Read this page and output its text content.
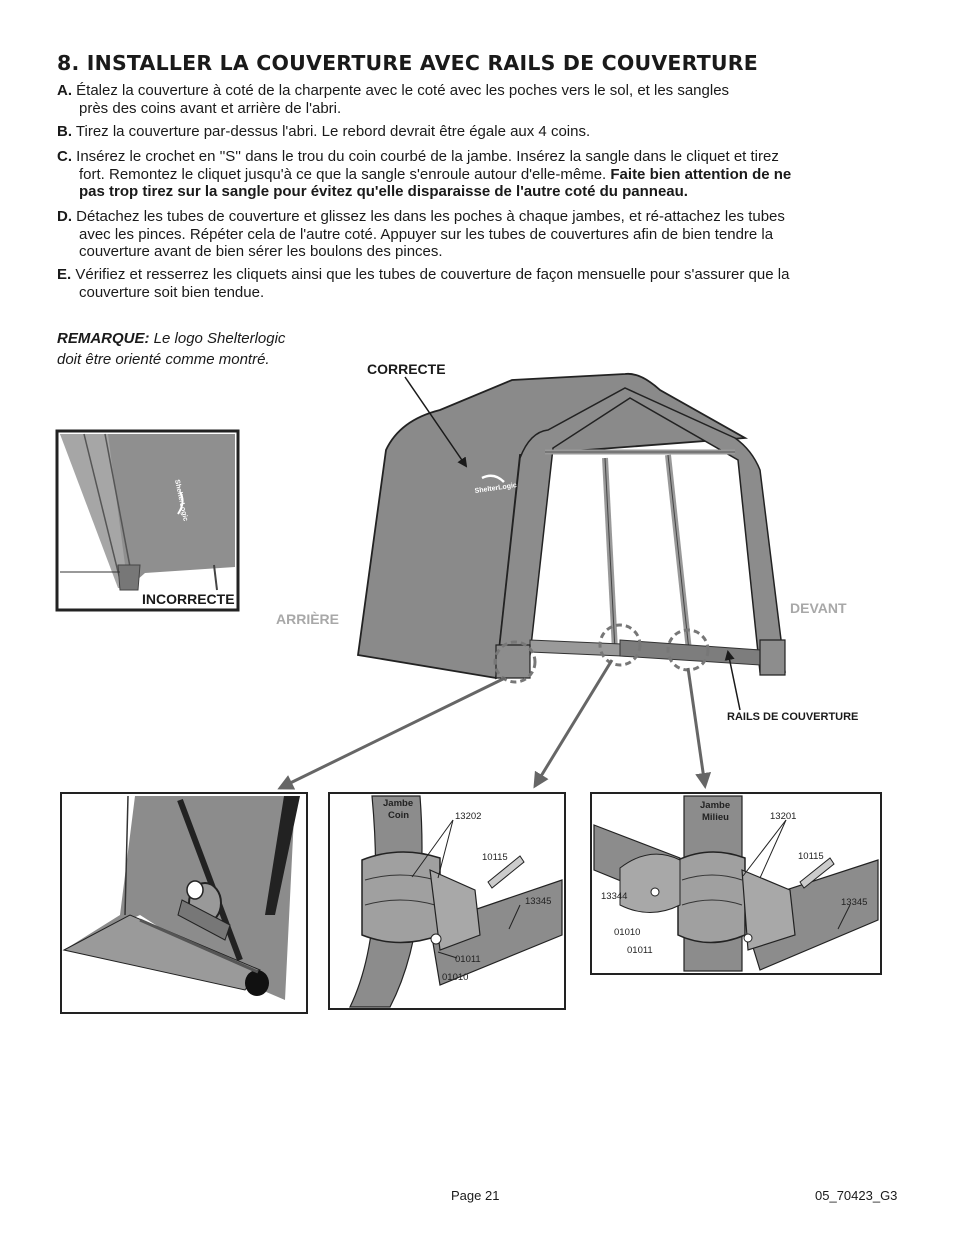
8. INSTALLER LA COUVERTURE AVEC RAILS DE COUVERTURE
A. Étalez la couverture à coté de la charpente avec le coté avec les poches vers le sol, et les sangles
près des coins avant et arrière de l'abri.
B. Tirez la couverture par-dessus l'abri. Le rebord devrait être égale aux 4 coins.
C. Insérez le crochet en ''S'' dans le trou du coin courbé de la jambe. Insérez la sangle dans le cliquet et tirez
fort. Remontez le cliquet jusqu'à ce que la sangle s'enroule autour d'elle-même. Faite bien attention de ne
pas trop tirez sur la sangle pour évitez qu'elle disparaisse de l'autre coté du panneau.
D. Détachez les tubes de couverture et glissez les dans les poches à chaque jambes, et ré-attachez les tubes
avec les pinces. Répéter cela de l'autre coté. Appuyer sur les tubes de couvertures afin de bien tendre la
couverture avant de bien sérer les boulons des pinces.
E. Vérifiez et resserrez les cliquets ainsi que les tubes de couverture de façon mensuelle pour s'assurer que la
couverture soit bien tendue.
REMARQUE: Le logo Shelterlogic
doit être orienté comme montré.
ShelterLogic	ShelterLogic
Jambe
Coin	13202
10115
13345
01011
01010
Jambe
Milieu	13201
10115
13345
13344
01010
01011
CORRECTE
INCORRECTE
ARRIÈRE
DEVANT
RAILS DE COUVERTURE
Page 21	05_70423_G3
